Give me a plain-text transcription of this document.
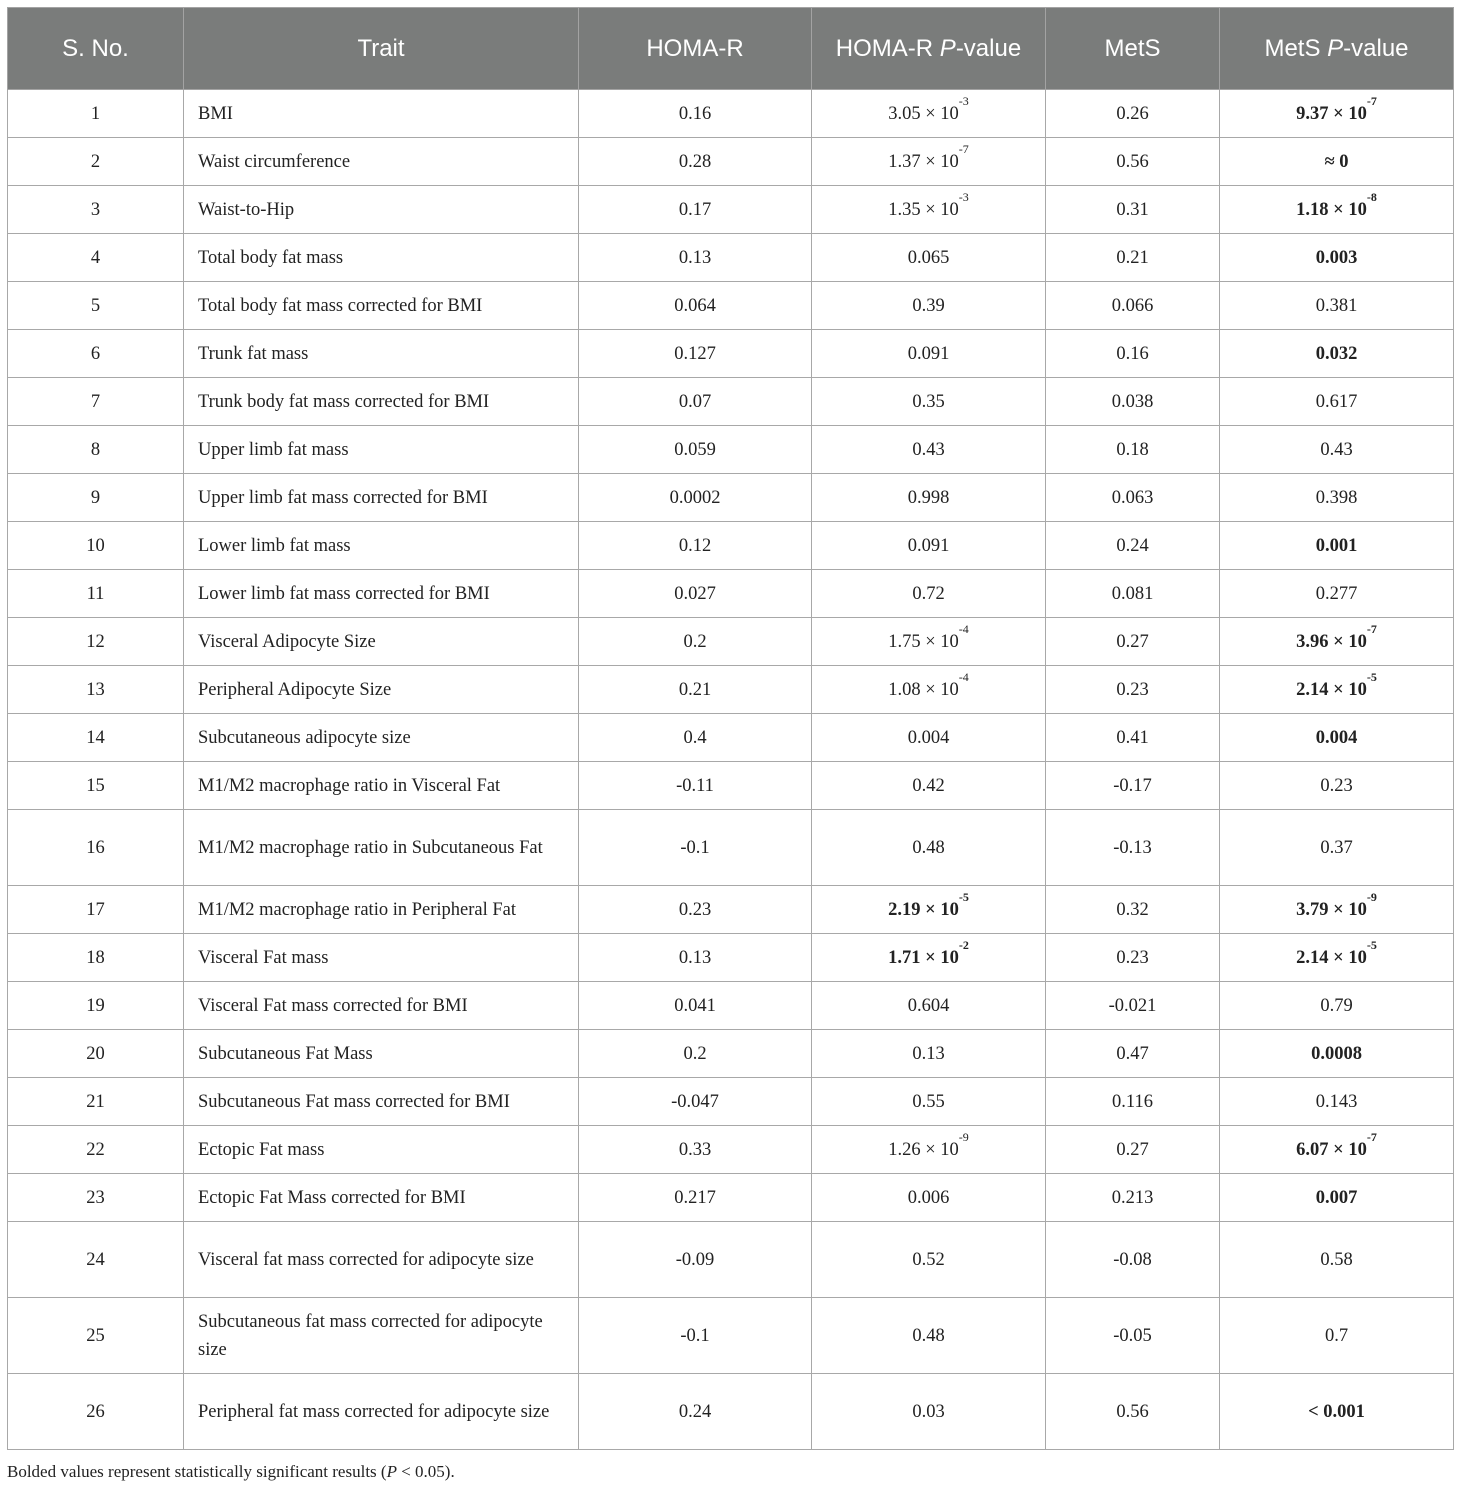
S. No.	Trait	HOMA-R	HOMA-R P-value	MetS	MetS P-value
1	BMI	0.16	$3.05 \times 10^{-3}$	0.26	$9.37 \times 10^{-7}$
2	Waist circumference	0.28	$1.37 \times 10^{-7}$	0.56	≈ 0
3	Waist-to-Hip	0.17	$1.35 \times 10^{-3}$	0.31	$1.18 \times 10^{-8}$
4	Total body fat mass	0.13	0.065	0.21	0.003
5	Total body fat mass corrected for BMI	0.064	0.39	0.066	0.381
6	Trunk fat mass	0.127	0.091	0.16	0.032
7	Trunk body fat mass corrected for BMI	0.07	0.35	0.038	0.617
8	Upper limb fat mass	0.059	0.43	0.18	0.43
9	Upper limb fat mass corrected for BMI	0.0002	0.998	0.063	0.398
10	Lower limb fat mass	0.12	0.091	0.24	0.001
11	Lower limb fat mass corrected for BMI	0.027	0.72	0.081	0.277
12	Visceral Adipocyte Size	0.2	$1.75 \times 10^{-4}$	0.27	$3.96 \times 10^{-7}$
13	Peripheral Adipocyte Size	0.21	$1.08 \times 10^{-4}$	0.23	$2.14 \times 10^{-5}$
14	Subcutaneous adipocyte size	0.4	0.004	0.41	0.004
15	M1/M2 macrophage ratio in Visceral Fat	-0.11	0.42	-0.17	0.23
16	M1/M2 macrophage ratio in Subcutaneous Fat	-0.1	0.48	-0.13	0.37
17	M1/M2 macrophage ratio in Peripheral Fat	0.23	$2.19 \times 10^{-5}$	0.32	$3.79 \times 10^{-9}$
18	Visceral Fat mass	0.13	$1.71 \times 10^{-2}$	0.23	$2.14 \times 10^{-5}$
19	Visceral Fat mass corrected for BMI	0.041	0.604	-0.021	0.79
20	Subcutaneous Fat Mass	0.2	0.13	0.47	0.0008
21	Subcutaneous Fat mass corrected for BMI	-0.047	0.55	0.116	0.143
22	Ectopic Fat mass	0.33	$1.26 \times 10^{-9}$	0.27	$6.07 \times 10^{-7}$
23	Ectopic Fat Mass corrected for BMI	0.217	0.006	0.213	0.007
24	Visceral fat mass corrected for adipocyte size	-0.09	0.52	-0.08	0.58
25	Subcutaneous fat mass corrected for adipocyte size	-0.1	0.48	-0.05	0.7
26	Peripheral fat mass corrected for adipocyte size	0.24	0.03	0.56	< 0.001
Bolded values represent statistically significant results (P < 0.05).
